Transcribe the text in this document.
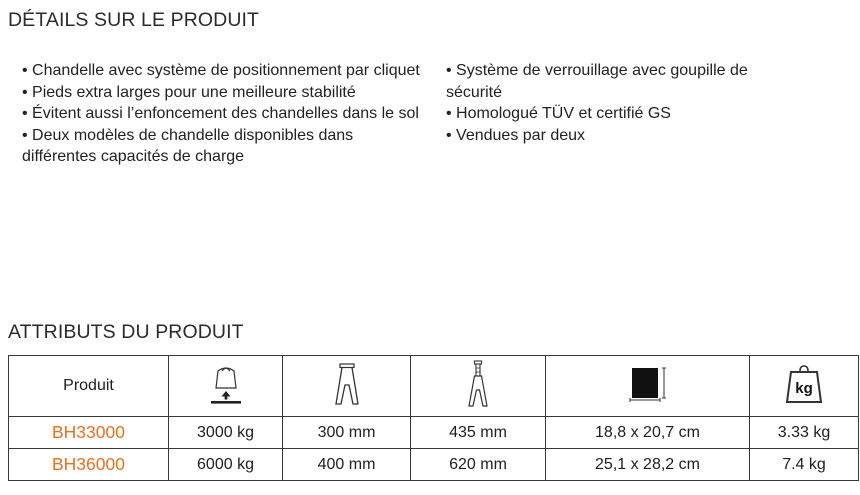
DÉTAILS SUR LE PRODUIT
• Chandelle avec système de positionnement par cliquet
• Pieds extra larges pour une meilleure stabilité
• Évitent aussi l’enfoncement des chandelles dans le sol
• Deux modèles de chandelle disponibles dans différentes capacités de charge
• Système de verrouillage avec goupille de sécurité
• Homologué TÜV et certifié GS
• Vendues par deux
ATTRIBUTS DU PRODUIT
Produit					kg

BH33000	3000 kg	300 mm	435 mm	18,8 x 20,7 cm	3.33 kg
BH36000	6000 kg	400 mm	620 mm	25,1 x 28,2 cm	7.4 kg
